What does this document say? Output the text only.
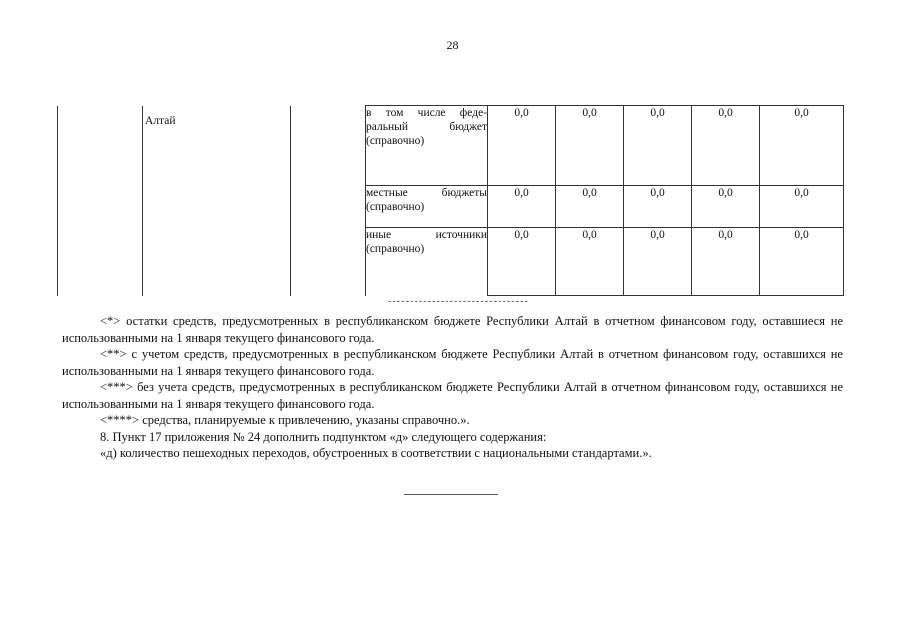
28
	Алтай		в том числе феде-
ральный бюджет

(справочно)	0,0	0,0	0,0	0,0	0,0
			местные бюджеты

(справочно)	0,0	0,0	0,0	0,0	0,0
			иные источники

(справочно)	0,0	0,0	0,0	0,0	0,0
--------------------------------

<*> остатки средств, предусмотренных в республиканском бюджете Республики Алтай в отчетном финансовом году, оставшиеся не использованными на 1 января текущего финансового года.

<**> с учетом средств, предусмотренных в республиканском бюджете Республики Алтай в отчетном финансовом году, оставшихся не использованными на 1 января текущего финансового года.

<***> без учета средств, предусмотренных в республиканском бюджете Республики Алтай в отчетном финансовом году, оставшихся не использованными на 1 января текущего финансового года.

<****> средства, планируемые к привлечению, указаны справочно.».

8. Пункт 17 приложения № 24 дополнить подпунктом «д» следующего содержания:

«д) количество пешеходных переходов, обустроенных в соответствии с национальными стандартами.».
